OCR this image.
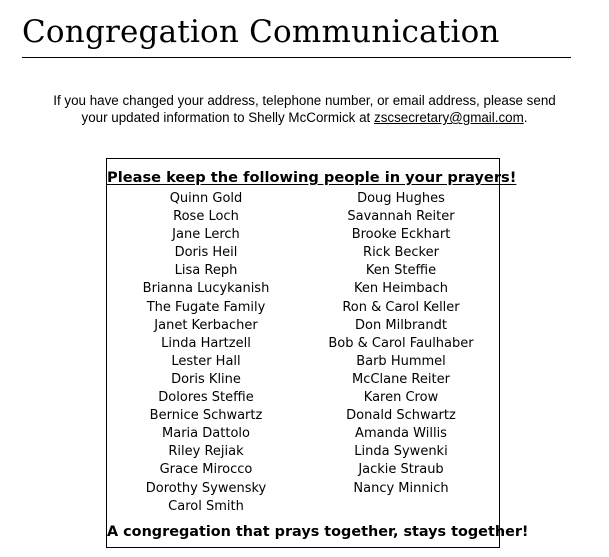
Congregation Communication
If you have changed your address, telephone number, or email address, please send
your updated information to Shelly McCormick at zscsecretary@gmail.com.
Please keep the following people in your prayers!
Quinn Gold
Rose Loch
Jane Lerch
Doris Heil
Lisa Reph
Brianna Lucykanish
The Fugate Family
Janet Kerbacher
Linda Hartzell
Lester Hall
Doris Kline
Dolores Steffie
Bernice Schwartz
Maria Dattolo
Riley Rejiak
Grace Mirocco
Dorothy Sywensky
Carol Smith
Doug Hughes
Savannah Reiter
Brooke Eckhart
Rick Becker
Ken Steffie
Ken Heimbach
Ron & Carol Keller
Don Milbrandt
Bob & Carol Faulhaber
Barb Hummel
McClane Reiter
Karen Crow
Donald Schwartz
Amanda Willis
Linda Sywenki
Jackie Straub
Nancy Minnich
A congregation that prays together, stays together!
